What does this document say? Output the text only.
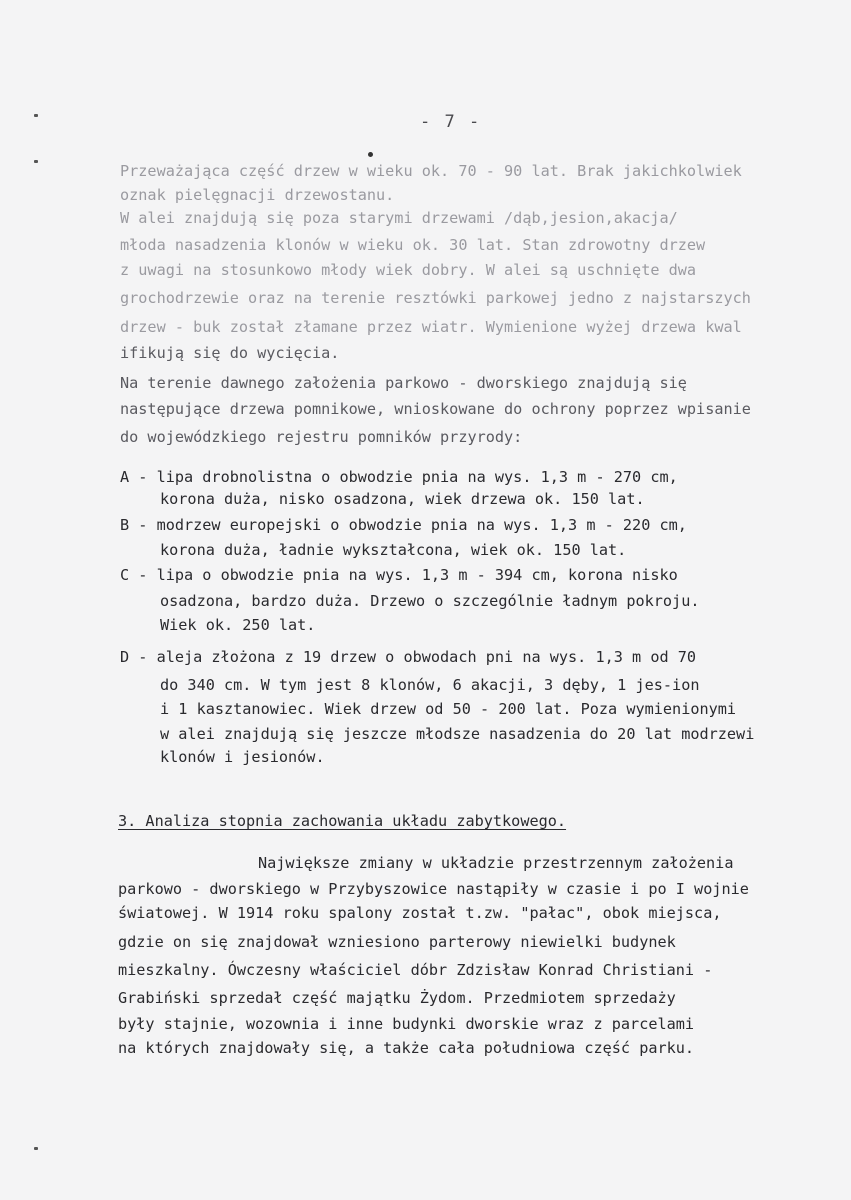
- 7 -
Przeważająca część drzew w wieku ok. 70 - 90 lat. Brak jakichkolwiek
oznak pielęgnacji drzewostanu.
W alei znajdują się poza starymi drzewami /dąb,jesion,akacja/
młoda nasadzenia klonów w wieku ok. 30 lat. Stan zdrowotny drzew
z uwagi na stosunkowo młody wiek dobry. W alei są uschnięte dwa
grochodrzewie oraz na terenie resztówki parkowej jedno z najstarszych
drzew - buk został złamane przez wiatr. Wymienione wyżej drzewa kwal
ifikują się do wycięcia.
Na terenie dawnego założenia parkowo - dworskiego znajdują się
następujące drzewa pomnikowe, wnioskowane do ochrony poprzez wpisanie
do wojewódzkiego rejestru pomników przyrody:
A - lipa drobnolistna o obwodzie pnia na wys. 1,3 m - 270 cm,
korona duża, nisko osadzona, wiek drzewa ok. 150 lat.
B - modrzew europejski o obwodzie pnia na wys. 1,3 m - 220 cm,
korona duża, ładnie wykształcona, wiek ok. 150 lat.
C - lipa o obwodzie pnia na wys. 1,3 m - 394 cm, korona nisko
osadzona, bardzo duża. Drzewo o szczególnie ładnym pokroju.
Wiek ok. 250 lat.
D - aleja złożona z 19 drzew o obwodach pni na wys. 1,3 m od 70
do 340 cm. W tym jest 8 klonów, 6 akacji, 3 dęby, 1 jes-ion
i 1 kasztanowiec. Wiek drzew od 50 - 200 lat. Poza wymienionymi
w alei znajdują się jeszcze młodsze nasadzenia do 20 lat modrzewi
klonów i jesionów.
3. Analiza stopnia zachowania układu zabytkowego.
Największe zmiany w układzie przestrzennym założenia
parkowo - dworskiego w Przybyszowice nastąpiły w czasie i po I wojnie
światowej. W 1914 roku spalony został t.zw. "pałac", obok miejsca,
gdzie on się znajdował wzniesiono parterowy niewielki budynek
mieszkalny. Ówczesny właściciel dóbr Zdzisław Konrad Christiani -
Grabiński sprzedał część majątku Żydom. Przedmiotem sprzedaży
były stajnie, wozownia i inne budynki dworskie wraz z parcelami
na których znajdowały się, a także cała południowa część parku.
